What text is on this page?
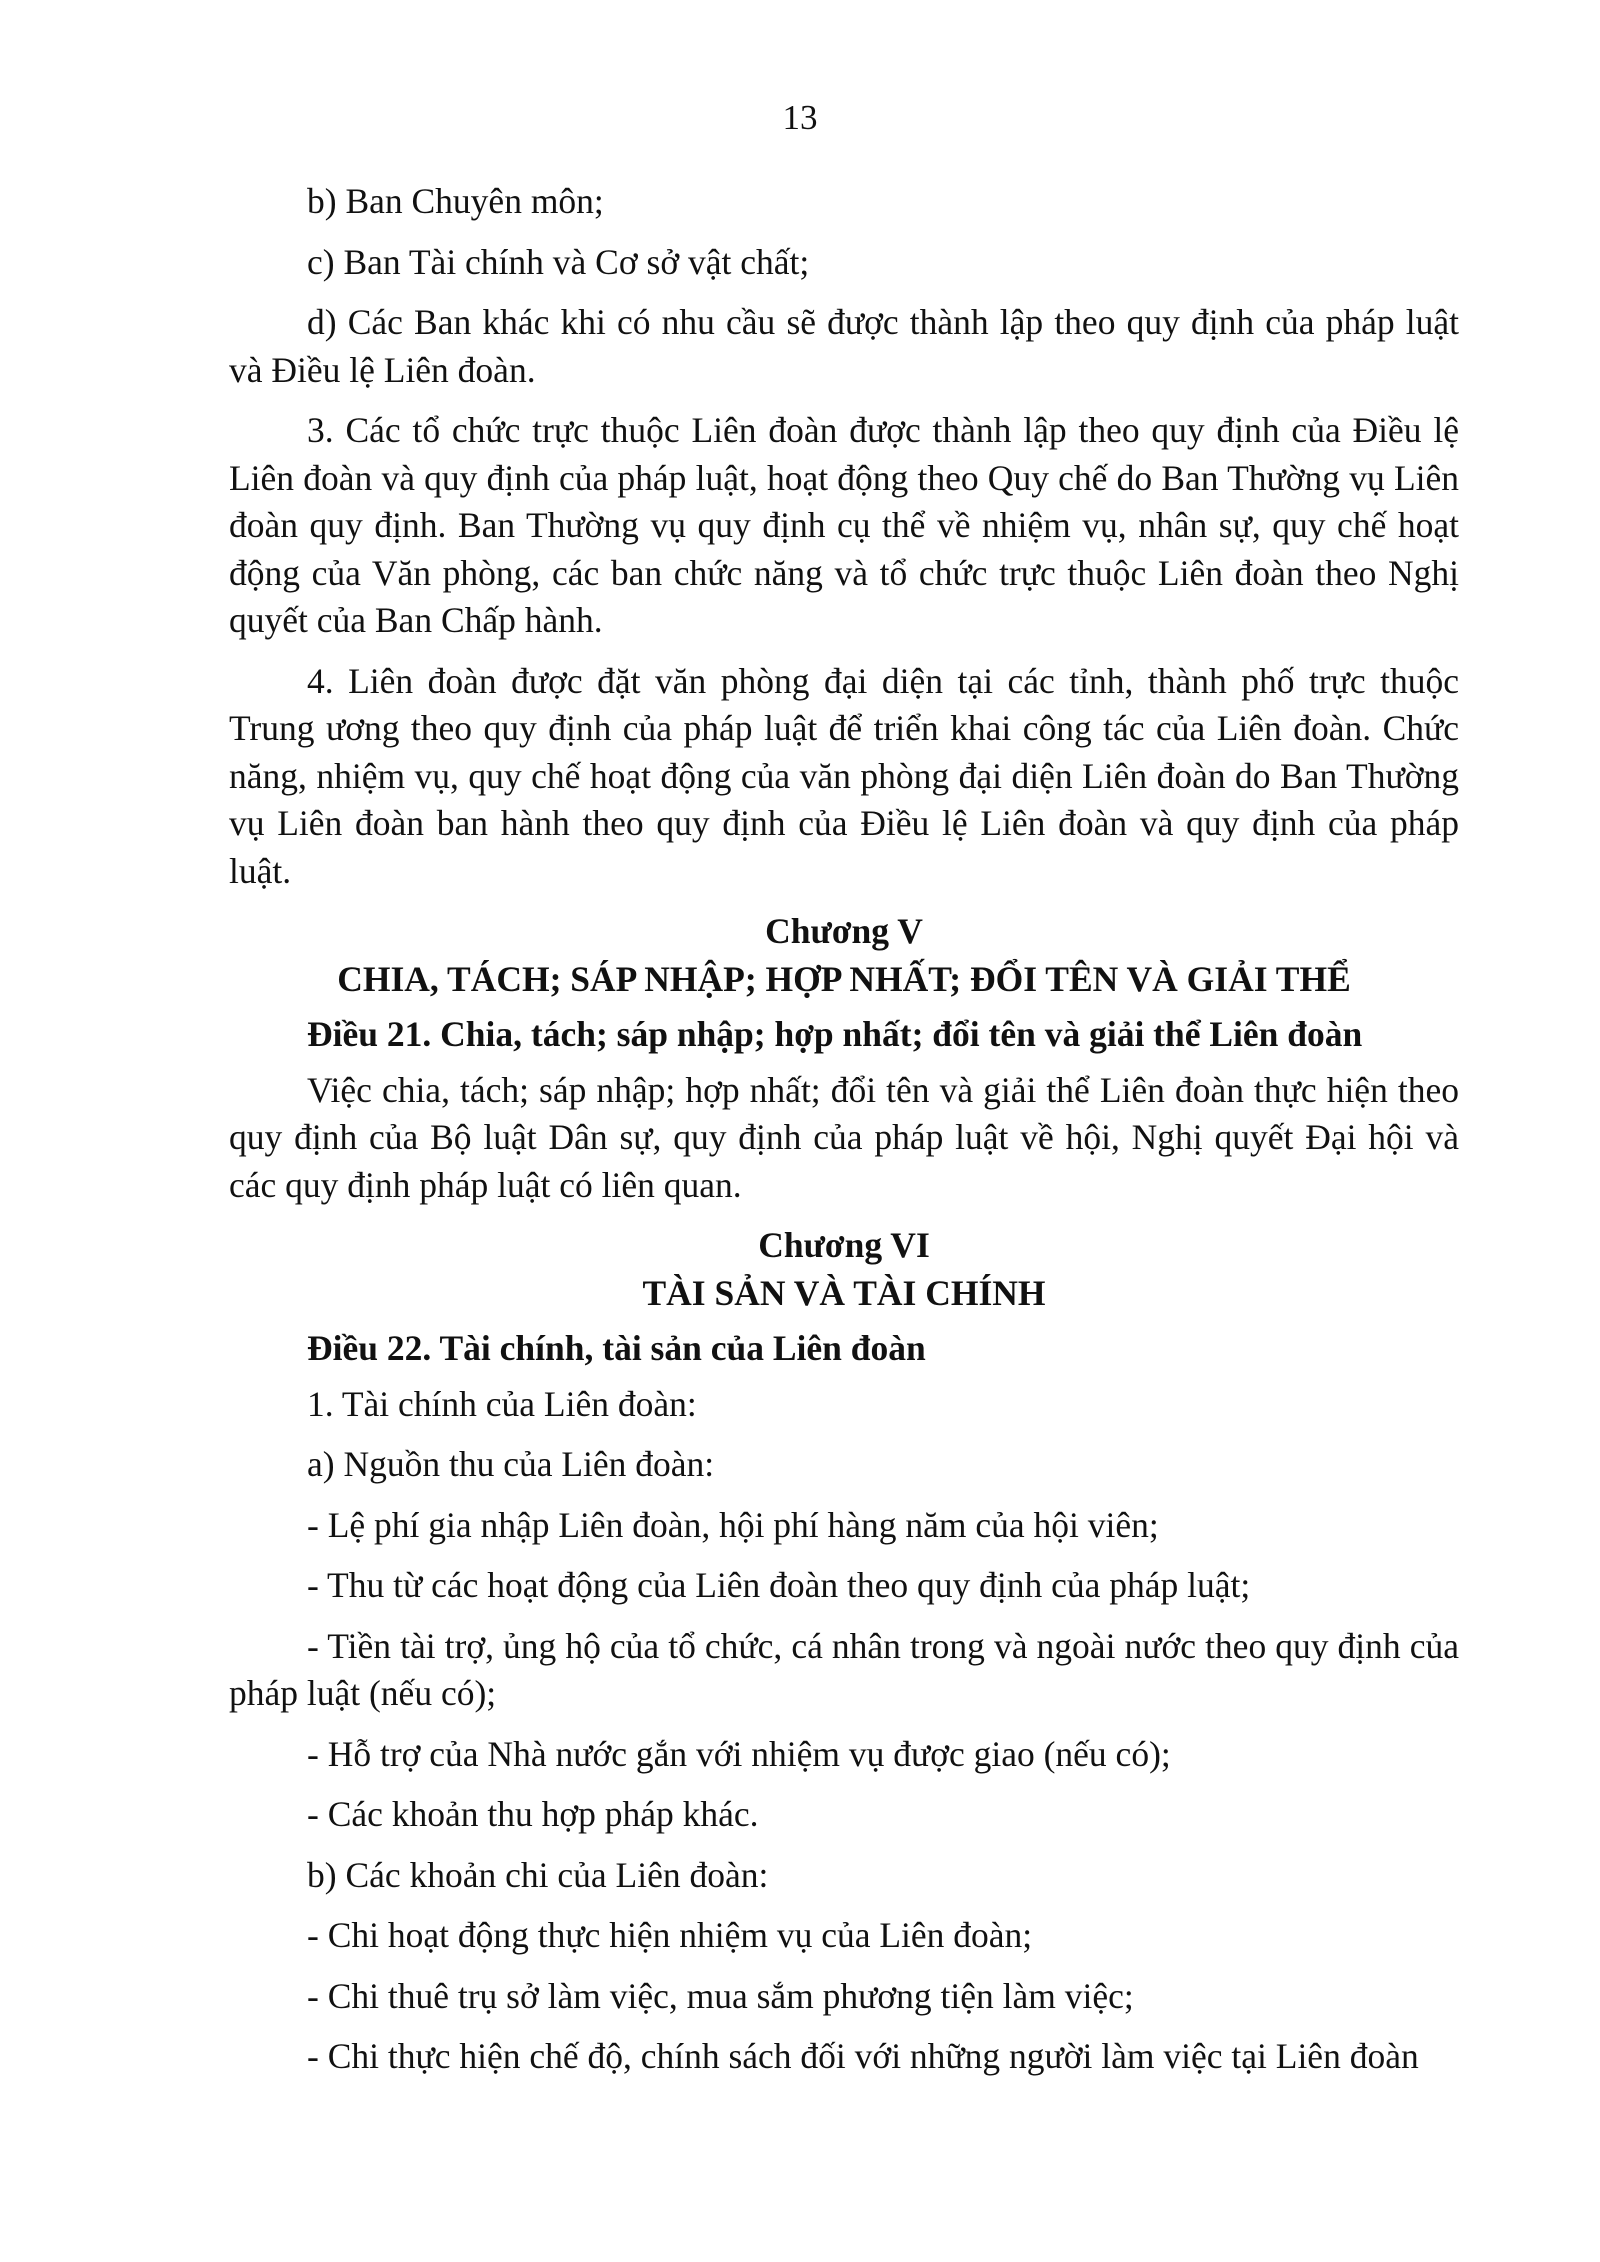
13

b) Ban Chuyên môn;

c) Ban Tài chính và Cơ sở vật chất;

d) Các Ban khác khi có nhu cầu sẽ được thành lập theo quy định của pháp luật và Điều lệ Liên đoàn.

3. Các tổ chức trực thuộc Liên đoàn được thành lập theo quy định của Điều lệ Liên đoàn và quy định của pháp luật, hoạt động theo Quy chế do Ban Thường vụ Liên đoàn quy định. Ban Thường vụ quy định cụ thể về nhiệm vụ, nhân sự, quy chế hoạt động của Văn phòng, các ban chức năng và tổ chức trực thuộc Liên đoàn theo Nghị quyết của Ban Chấp hành.

4. Liên đoàn được đặt văn phòng đại diện tại các tỉnh, thành phố trực thuộc Trung ương theo quy định của pháp luật để triển khai công tác của Liên đoàn. Chức năng, nhiệm vụ, quy chế hoạt động của văn phòng đại diện Liên đoàn do Ban Thường vụ Liên đoàn ban hành theo quy định của Điều lệ Liên đoàn và quy định của pháp luật.

Chương V
CHIA, TÁCH; SÁP NHẬP; HỢP NHẤT; ĐỔI TÊN VÀ GIẢI THỂ
Điều 21. Chia, tách; sáp nhập; hợp nhất; đổi tên và giải thể Liên đoàn

Việc chia, tách; sáp nhập; hợp nhất; đổi tên và giải thể Liên đoàn thực hiện theo quy định của Bộ luật Dân sự, quy định của pháp luật về hội, Nghị quyết Đại hội và các quy định pháp luật có liên quan.

Chương VI
TÀI SẢN VÀ TÀI CHÍNH
Điều 22. Tài chính, tài sản của Liên đoàn

1. Tài chính của Liên đoàn:

a) Nguồn thu của Liên đoàn:

- Lệ phí gia nhập Liên đoàn, hội phí hàng năm của hội viên;

- Thu từ các hoạt động của Liên đoàn theo quy định của pháp luật;

- Tiền tài trợ, ủng hộ của tổ chức, cá nhân trong và ngoài nước theo quy định của pháp luật (nếu có);

- Hỗ trợ của Nhà nước gắn với nhiệm vụ được giao (nếu có);

- Các khoản thu hợp pháp khác.

b) Các khoản chi của Liên đoàn:

- Chi hoạt động thực hiện nhiệm vụ của Liên đoàn;

- Chi thuê trụ sở làm việc, mua sắm phương tiện làm việc;

- Chi thực hiện chế độ, chính sách đối với những người làm việc tại Liên đoàn
